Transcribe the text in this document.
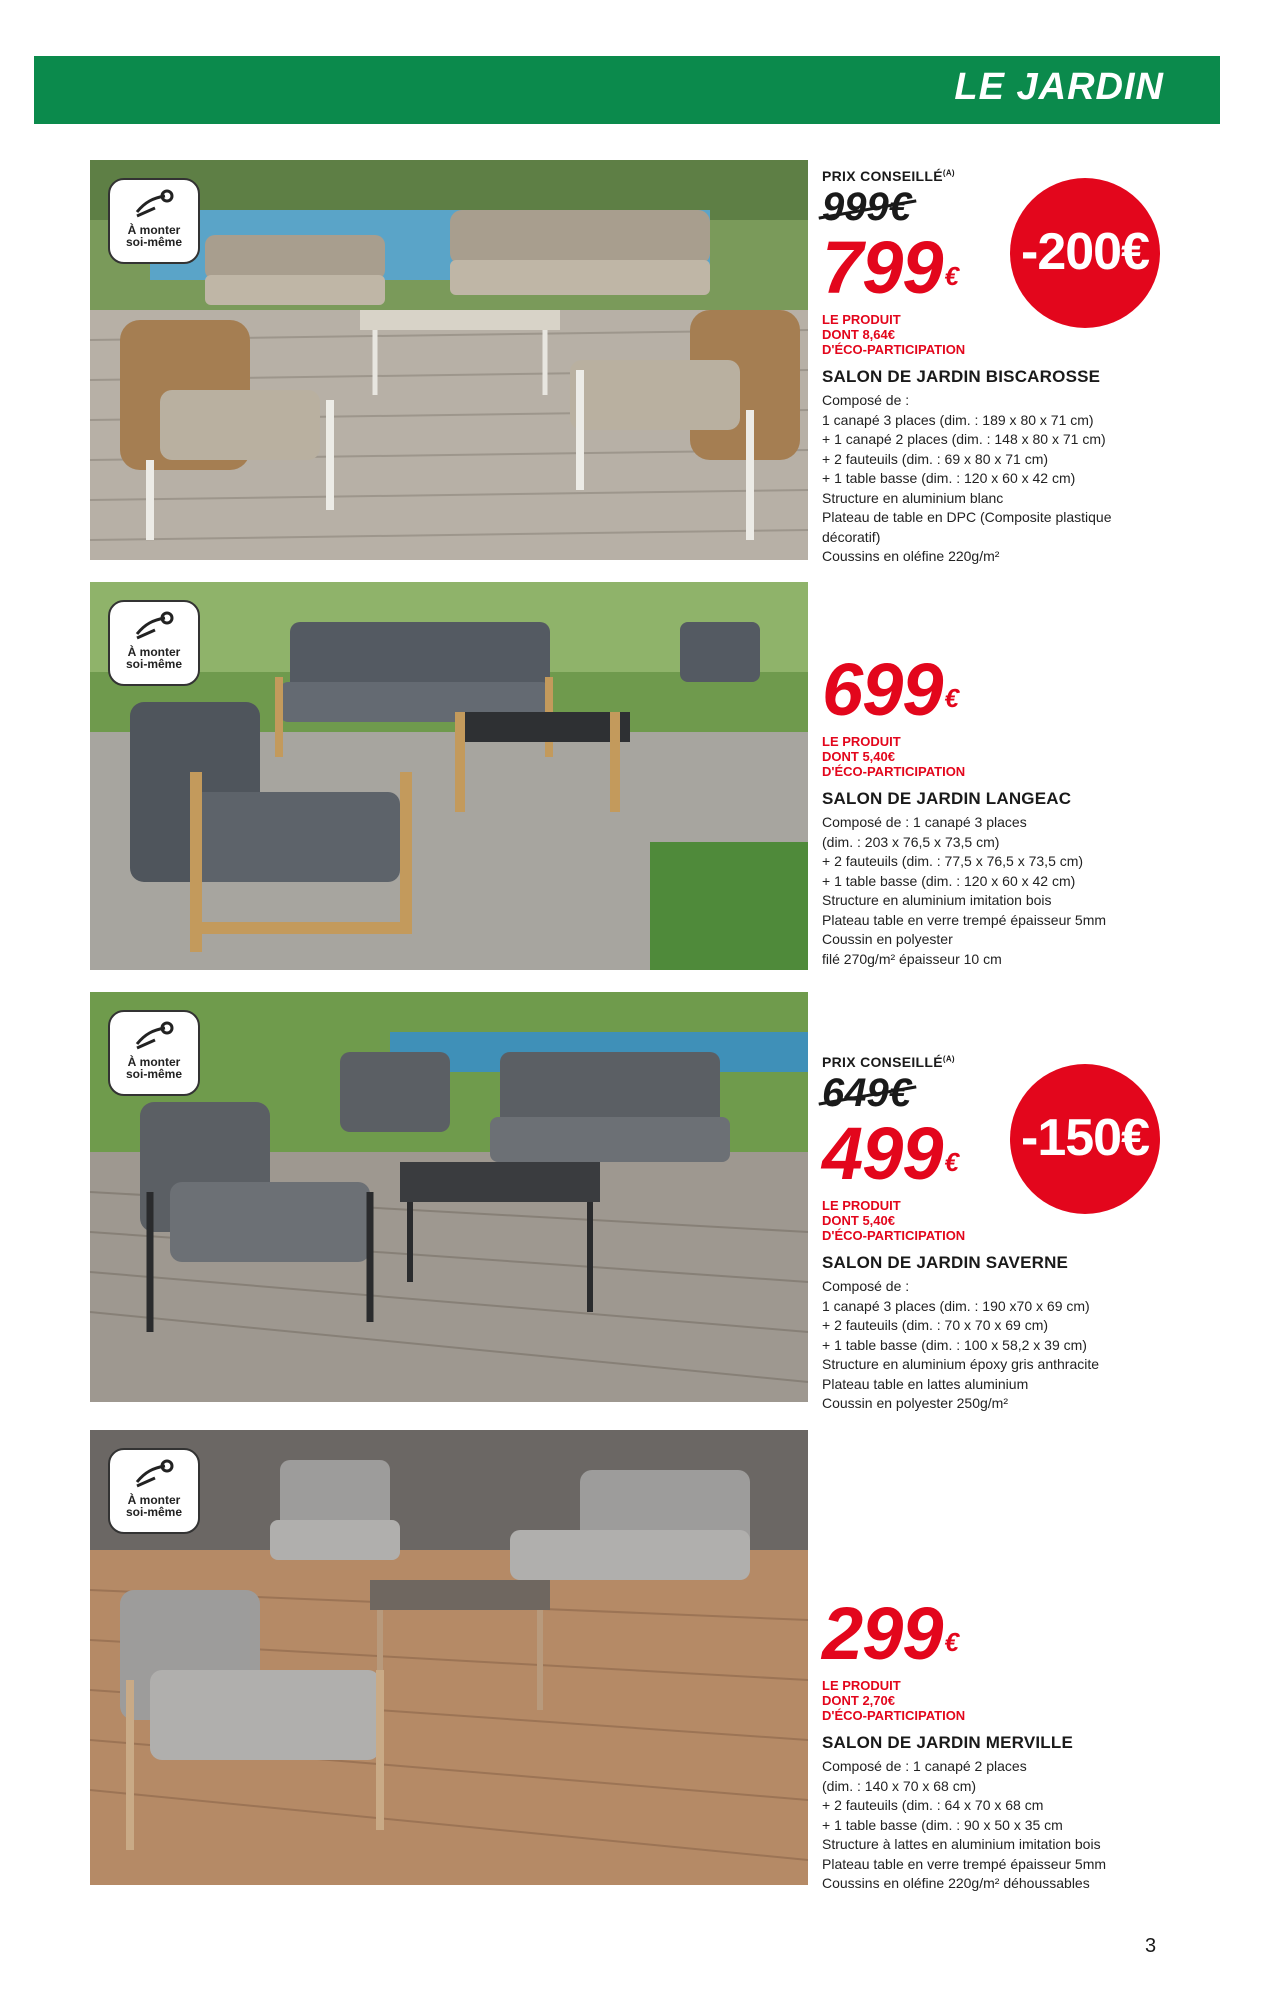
LE JARDIN
À monter soi-même
PRIX $CONSEILLÉ^{(A)}$
999€
799€
LE PRODUIT
DONT 8,64€
D'ÉCO-PARTICIPATION
SALON DE JARDIN BISCAROSSE
Composé de :
1 canapé 3 places (dim. : 189 x 80 x 71 cm)
+ 1 canapé 2 places (dim. : 148 x 80 x 71 cm)
+ 2 fauteuils (dim. : 69 x 80 x 71 cm)
+ 1 table basse (dim. : 120 x 60 x 42 cm)
Structure en aluminium blanc
Plateau de table en DPC (Composite plastique
décoratif)
Coussins en oléfine 220g/m²
-200€
À monter soi-même	699€
LE PRODUIT
DONT 5,40€
D'ÉCO-PARTICIPATION
SALON DE JARDIN LANGEAC
Composé de : 1 canapé 3 places
(dim. : 203 x 76,5 x 73,5 cm)
+ 2 fauteuils (dim. : 77,5 x 76,5 x 73,5 cm)
+ 1 table basse (dim. : 120 x 60 x 42 cm)
Structure en aluminium imitation bois
Plateau table en verre trempé épaisseur 5mm
Coussin en polyester
filé 270g/m² épaisseur 10 cm
À monter soi-même
PRIX $CONSEILLÉ^{(A)}$
649€
499€
LE PRODUIT
DONT 5,40€
D'ÉCO-PARTICIPATION
SALON DE JARDIN SAVERNE
Composé de :
1 canapé 3 places (dim. : 190 x70 x 69 cm)
+ 2 fauteuils (dim. : 70 x 70 x 69 cm)
+ 1 table basse (dim. : 100 x 58,2 x 39 cm)
Structure en aluminium époxy gris anthracite
Plateau table en lattes aluminium
Coussin en polyester 250g/m²
-150€
À monter soi-même
299€
LE PRODUIT
DONT 2,70€
D'ÉCO-PARTICIPATION
SALON DE JARDIN MERVILLE
Composé de : 1 canapé 2 places
(dim. : 140 x 70 x 68 cm)
+ 2 fauteuils (dim. : 64 x 70 x 68 cm
+ 1 table basse (dim. : 90 x 50 x 35 cm
Structure à lattes en aluminium imitation bois
Plateau table en verre trempé épaisseur 5mm
Coussins en oléfine 220g/m² déhoussables
3
